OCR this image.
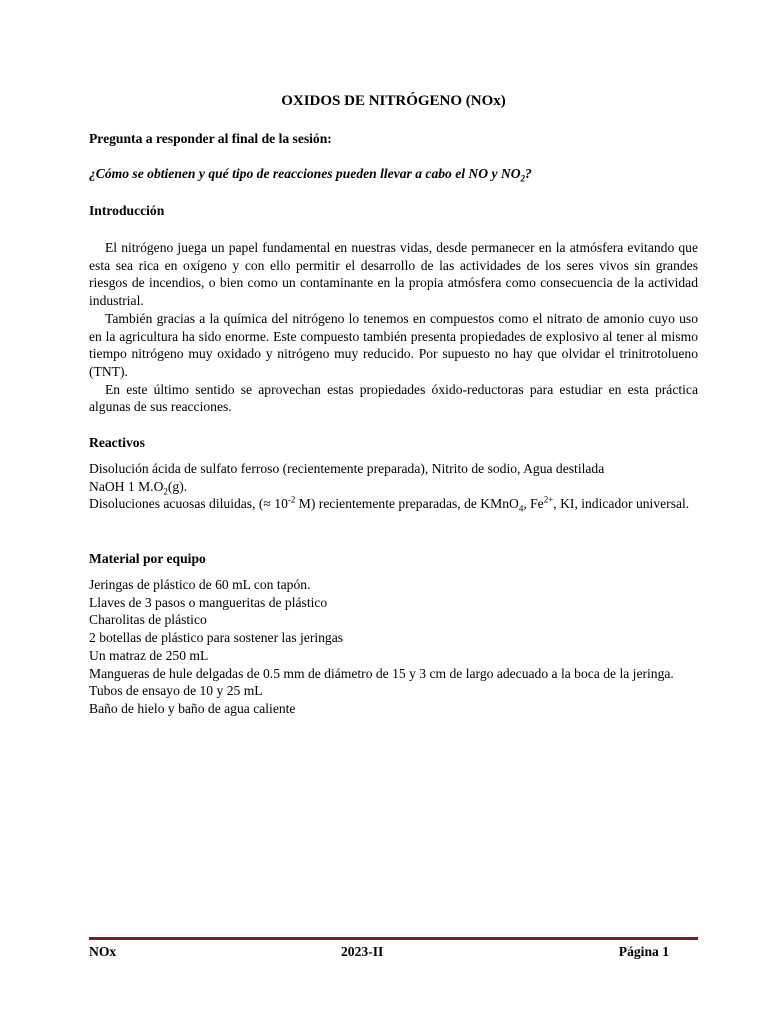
OXIDOS DE NITRÓGENO (NOx)
Pregunta a responder al final de la sesión:
¿Cómo se obtienen y qué tipo de reacciones pueden llevar a cabo el NO y $NO_2$?
Introducción

El nitrógeno juega un papel fundamental en nuestras vidas, desde permanecer en la atmósfera evitando que esta sea rica en oxígeno y con ello permitir el desarrollo de las actividades de los seres vivos sin grandes riesgos de incendios, o bien como un contaminante en la propia atmósfera como consecuencia de la actividad industrial.

También gracias a la química del nitrógeno lo tenemos en compuestos como el nitrato de amonio cuyo uso en la agricultura ha sido enorme. Este compuesto también presenta propiedades de explosivo al tener al mismo tiempo nitrógeno muy oxidado y nitrógeno muy reducido. Por supuesto no hay que olvidar el trinitrotolueno (TNT).

En este último sentido se aprovechan estas propiedades óxido-reductoras para estudiar en esta práctica algunas de sus reacciones.

Reactivos
Disolución ácida de sulfato ferroso (recientemente preparada), Nitrito de sodio, Agua destilada
NaOH 1 $M.O_2(g)$.
Disoluciones acuosas diluidas, (≈ $10^{-2}$ M) recientemente preparadas, de KMnO$_4$, $Fe^{2+}$, KI, indicador universal.
Material por equipo
Jeringas de plástico de 60 mL con tapón.
Llaves de 3 pasos o mangueritas de plástico
Charolitas de plástico
2 botellas de plástico para sostener las jeringas
Un matraz de 250 mL
Mangueras de hule delgadas de 0.5 mm de diámetro de 15 y 3 cm de largo adecuado a la boca de la jeringa.
Tubos de ensayo de 10 y 25 mL
Baño de hielo y baño de agua caliente
NOx	2023-II	Página 1
